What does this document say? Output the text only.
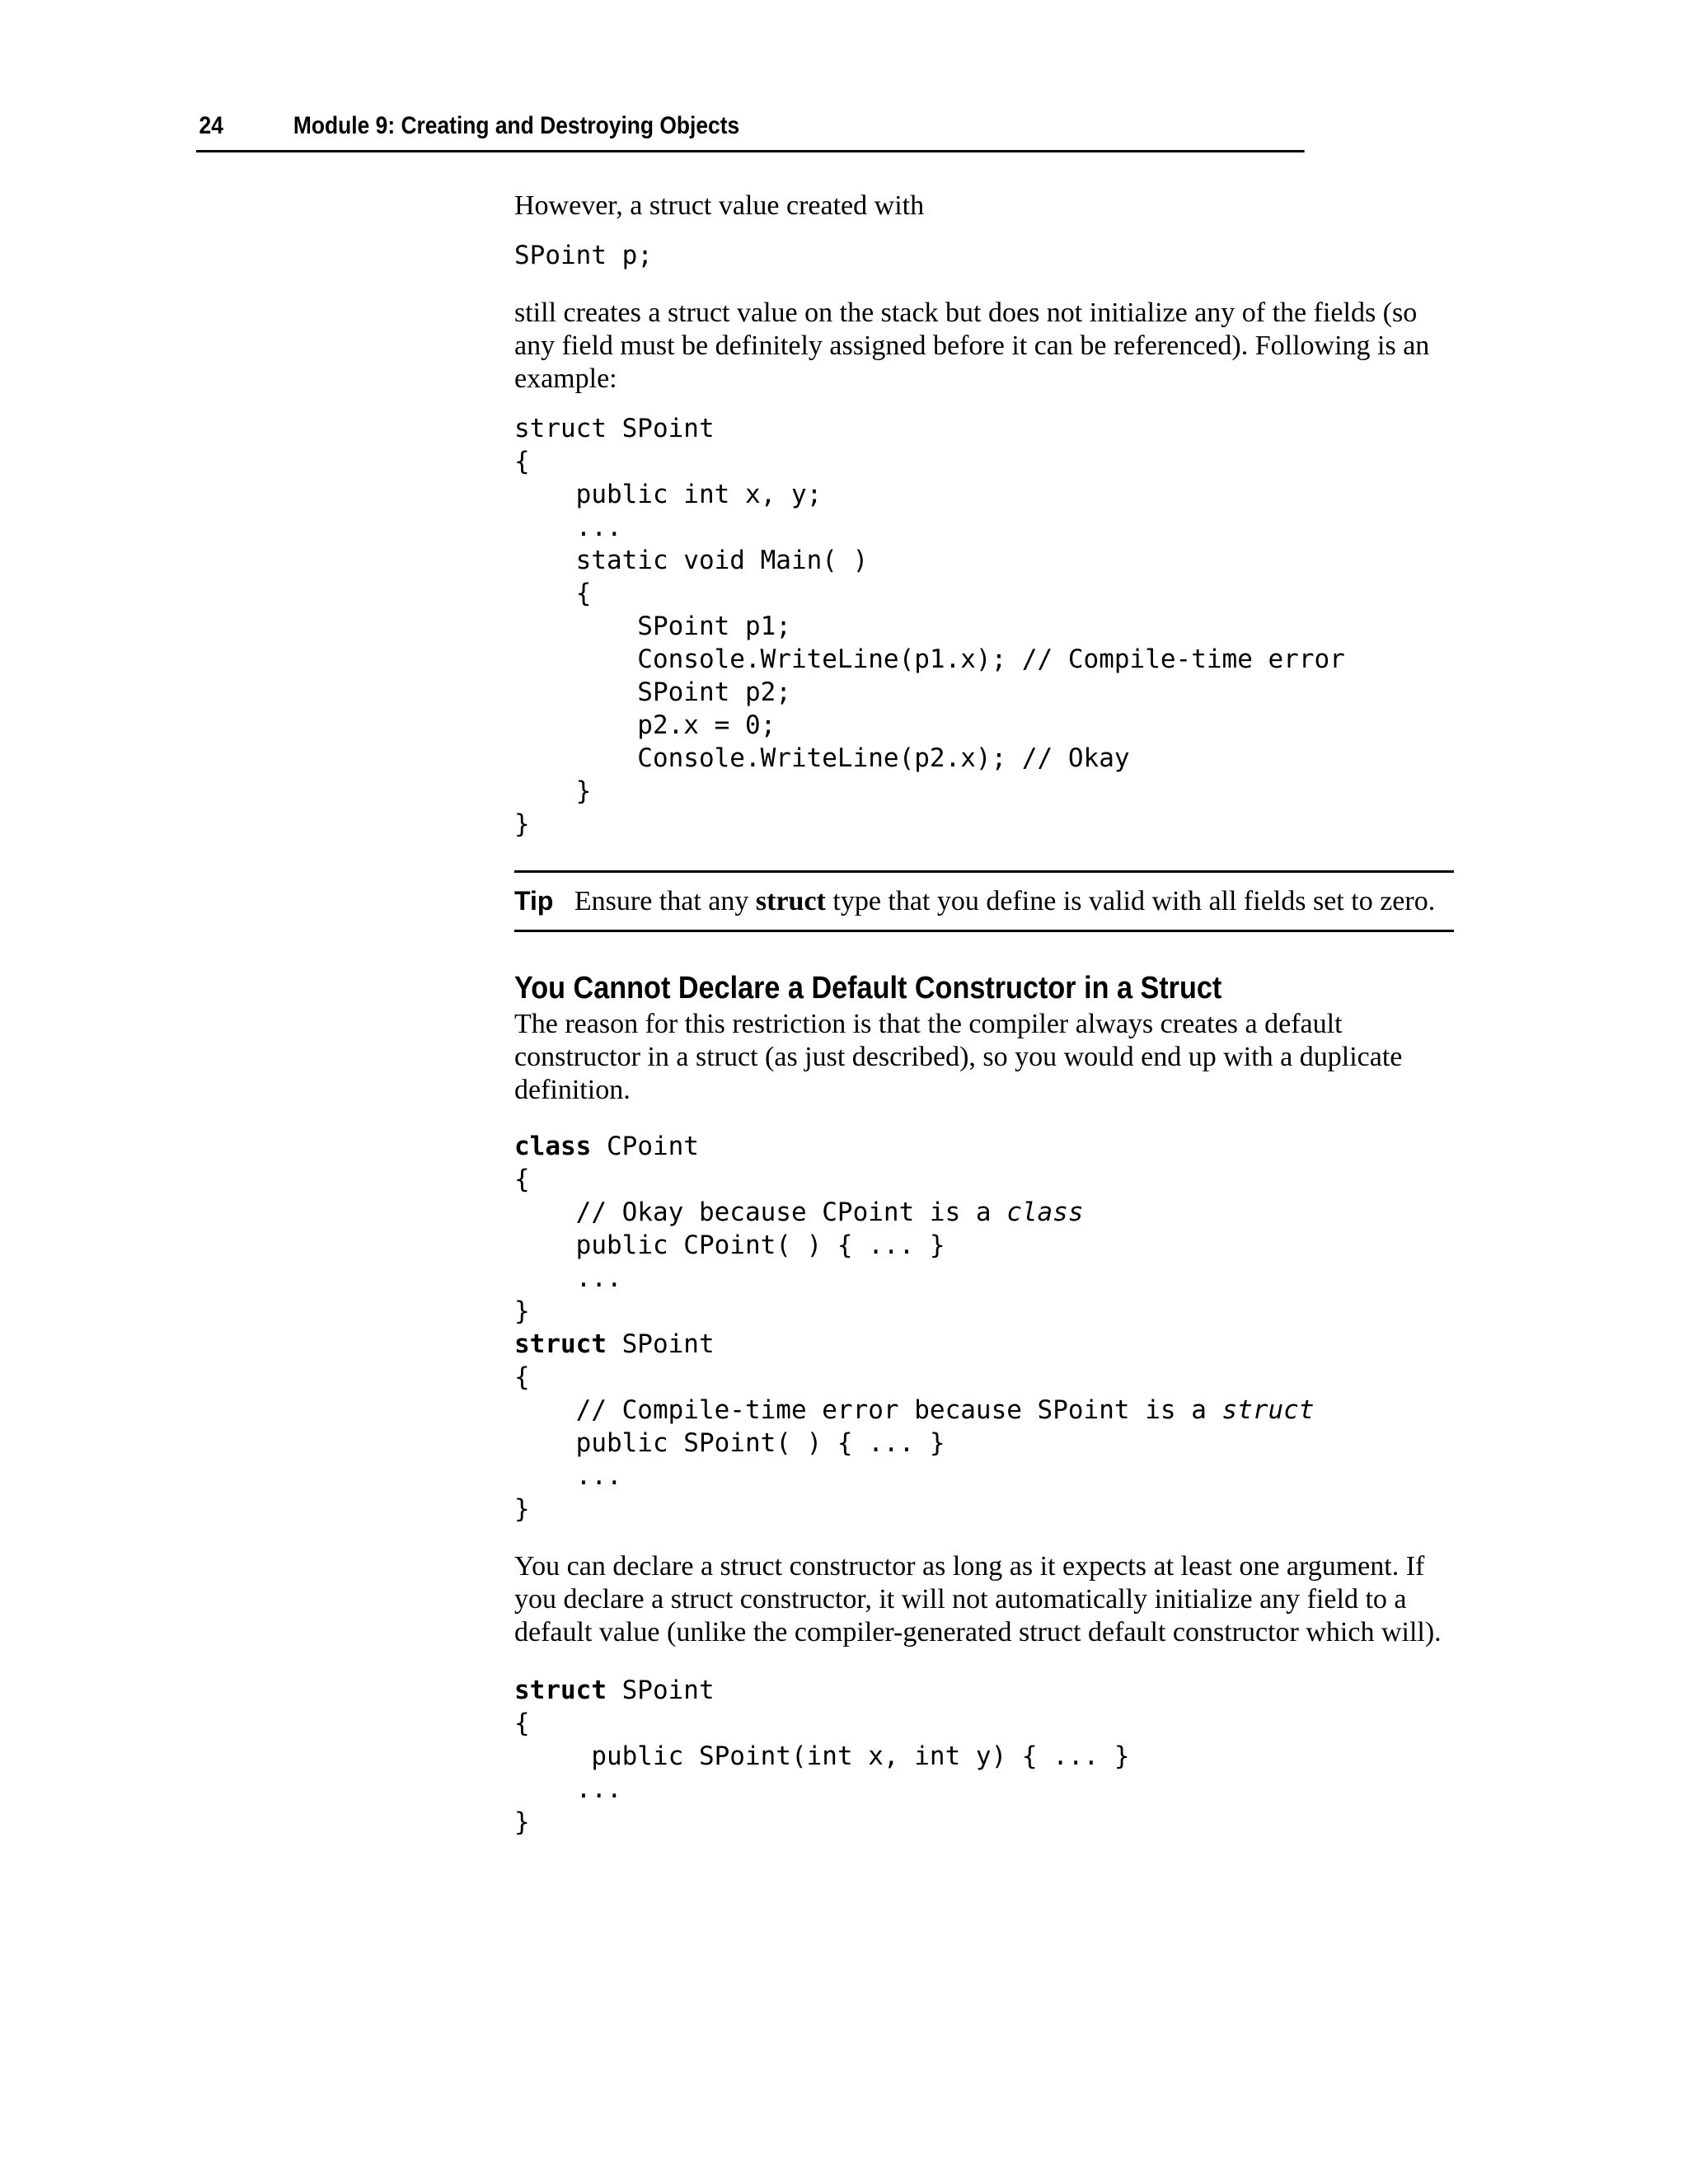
24	Module 9: Creating and Destroying Objects

However, a struct value created with

SPoint p;

still creates a struct value on the stack but does not initialize any of the fields (so any field must be definitely assigned before it can be referenced). Following is an example:

struct SPoint
{
public int x, y;
...
static void Main( )
{
SPoint p1;
Console.WriteLine(p1.x); // Compile-time error
SPoint p2;
p2.x = 0;
Console.WriteLine(p2.x); // Okay
}
}

Tip Ensure that any struct type that you define is valid with all fields set to zero.

You Cannot Declare a Default Constructor in a Struct

The reason for this restriction is that the compiler always creates a default constructor in a struct (as just described), so you would end up with a duplicate definition.

class CPoint
{
// Okay because CPoint is a class
public CPoint( ) { ... }
...
}
struct SPoint
{
// Compile-time error because SPoint is a struct
public SPoint( ) { ... }
...
}

You can declare a struct constructor as long as it expects at least one argument. If you declare a struct constructor, it will not automatically initialize any field to a default value (unlike the compiler-generated struct default constructor which will).

struct SPoint
{
public SPoint(int x, int y) { ... }
...
}
